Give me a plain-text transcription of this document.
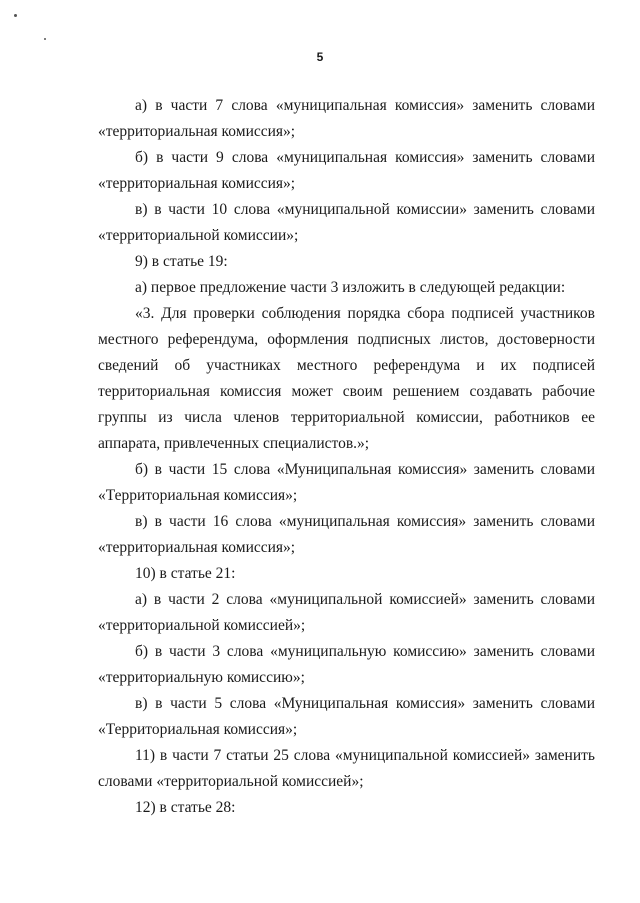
5

а) в части 7 слова «муниципальная комиссия» заменить словами «территориальная комиссия»;

б) в части 9 слова «муниципальная комиссия» заменить словами «территориальная комиссия»;

в) в части 10 слова «муниципальной комиссии» заменить словами «территориальной комиссии»;

9) в статье 19:

а) первое предложение части 3 изложить в следующей редакции:

«3. Для проверки соблюдения порядка сбора подписей участников местного референдума, оформления подписных листов, достоверности сведений об участниках местного референдума и их подписей территориальная комиссия может своим решением создавать рабочие группы из числа членов территориальной комиссии, работников ее аппарата, привлеченных специалистов.»;

б) в части 15 слова «Муниципальная комиссия» заменить словами «Территориальная комиссия»;

в) в части 16 слова «муниципальная комиссия» заменить словами «территориальная комиссия»;

10) в статье 21:

а) в части 2 слова «муниципальной комиссией» заменить словами «территориальной комиссией»;

б) в части 3 слова «муниципальную комиссию» заменить словами «территориальную комиссию»;

в) в части 5 слова «Муниципальная комиссия» заменить словами «Территориальная комиссия»;

11) в части 7 статьи 25 слова «муниципальной комиссией» заменить словами «территориальной комиссией»;

12) в статье 28:
